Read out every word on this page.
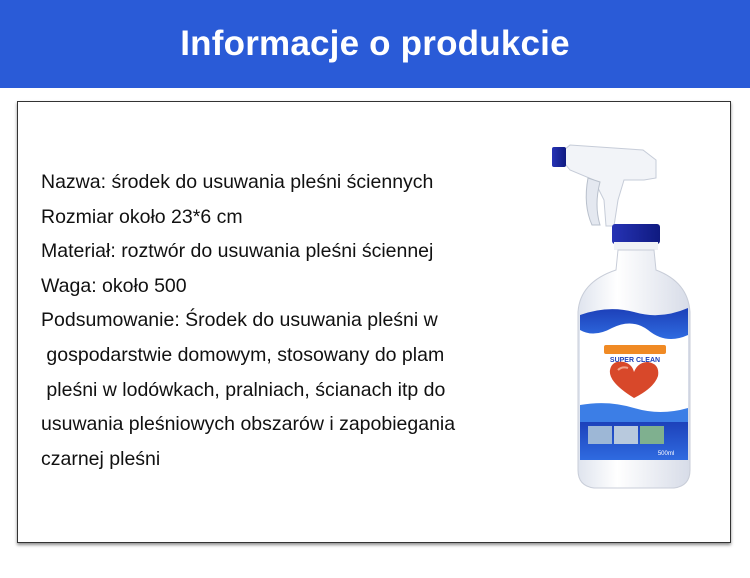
Informacje o produkcie
Nazwa: środek do usuwania pleśni ściennych
Rozmiar około 23*6 cm
Materiał: roztwór do usuwania pleśni ściennej
Waga: około 500
Podsumowanie: Środek do usuwania pleśni w
gospodarstwie domowym, stosowany do plam
pleśni w lodówkach, pralniach, ścianach itp do
usuwania pleśniowych obszarów i zapobiegania
czarnej pleśni
SUPER CLEAN
500ml
